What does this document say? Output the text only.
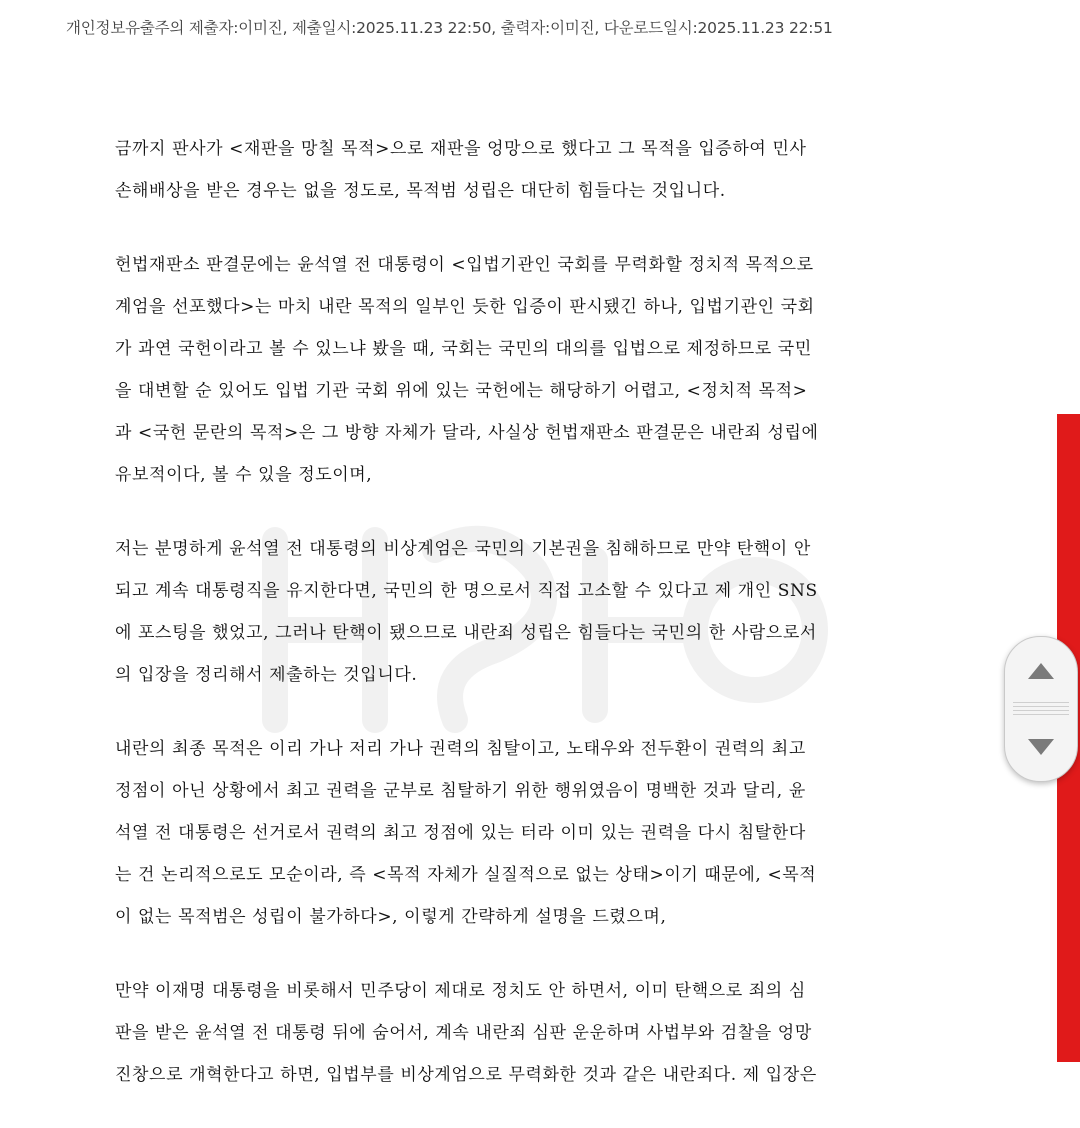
개인정보유출주의 제출자:이미진, 제출일시:2025.11.23 22:50, 출력자:이미진, 다운로드일시:2025.11.23 22:51
금까지 판사가 <재판을 망칠 목적>으로 재판을 엉망으로 했다고 그 목적을 입증하여 민사
손해배상을 받은 경우는 없을 정도로, 목적범 성립은 대단히 힘들다는 것입니다.
헌법재판소 판결문에는 윤석열 전 대통령이 <입법기관인 국회를 무력화할 정치적 목적으로
계엄을 선포했다>는 마치 내란 목적의 일부인 듯한 입증이 판시됐긴 하나, 입법기관인 국회
가 과연 국헌이라고 볼 수 있느냐 봤을 때, 국회는 국민의 대의를 입법으로 제정하므로 국민
을 대변할 순 있어도 입법 기관 국회 위에 있는 국헌에는 해당하기 어렵고, <정치적 목적>
과 <국헌 문란의 목적>은 그 방향 자체가 달라, 사실상 헌법재판소 판결문은 내란죄 성립에
유보적이다, 볼 수 있을 정도이며,
저는 분명하게 윤석열 전 대통령의 비상계엄은 국민의 기본권을 침해하므로 만약 탄핵이 안
되고 계속 대통령직을 유지한다면, 국민의 한 명으로서 직접 고소할 수 있다고 제 개인 SNS
에 포스팅을 했었고, 그러나 탄핵이 됐으므로 내란죄 성립은 힘들다는 국민의 한 사람으로서
의 입장을 정리해서 제출하는 것입니다.
내란의 최종 목적은 이리 가나 저리 가나 권력의 침탈이고, 노태우와 전두환이 권력의 최고
정점이 아닌 상황에서 최고 권력을 군부로 침탈하기 위한 행위였음이 명백한 것과 달리, 윤
석열 전 대통령은 선거로서 권력의 최고 정점에 있는 터라 이미 있는 권력을 다시 침탈한다
는 건 논리적으로도 모순이라, 즉 <목적 자체가 실질적으로 없는 상태>이기 때문에, <목적
이 없는 목적범은 성립이 불가하다>, 이렇게 간략하게 설명을 드렸으며,
만약 이재명 대통령을 비롯해서 민주당이 제대로 정치도 안 하면서, 이미 탄핵으로 죄의 심
판을 받은 윤석열 전 대통령 뒤에 숨어서, 계속 내란죄 심판 운운하며 사법부와 검찰을 엉망
진창으로 개혁한다고 하면, 입법부를 비상계엄으로 무력화한 것과 같은 내란죄다. 제 입장은
